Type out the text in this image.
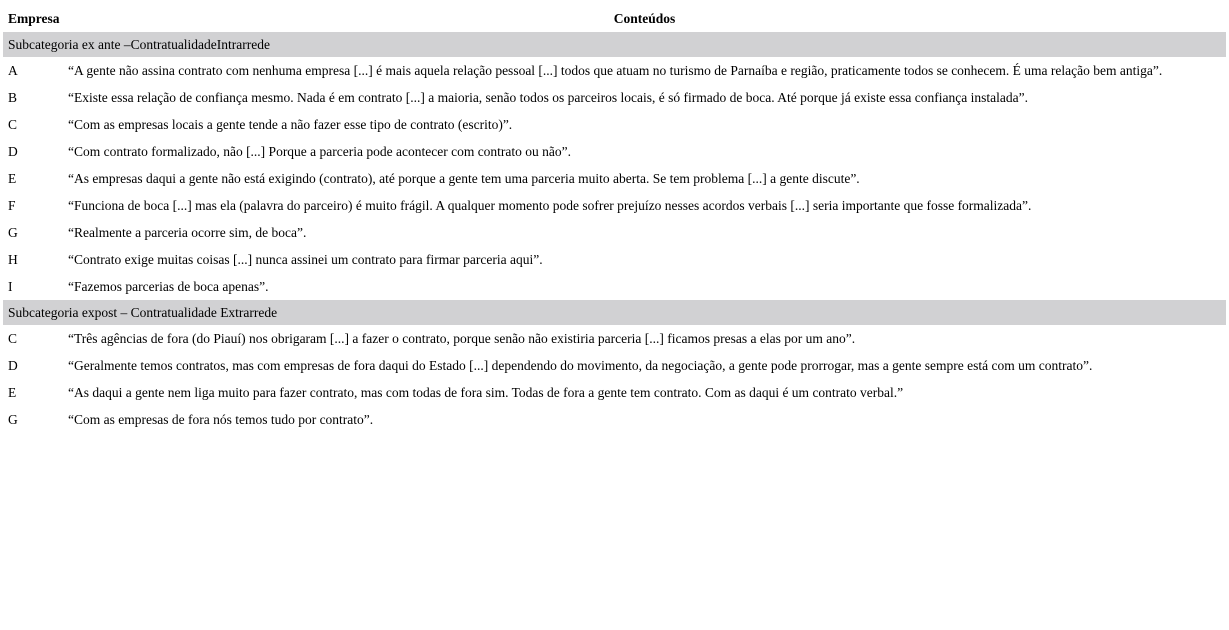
Empresa	Conteúdos
Subcategoria ex ante –ContratualidadeIntrarrede	
A	“A gente não assina contrato com nenhuma empresa [...] é mais aquela relação pessoal [...] todos que atuam no turismo de Parnaíba e região, praticamente todos se conhecem. É uma relação bem antiga”.
B	“Existe essa relação de confiança mesmo. Nada é em contrato [...] a maioria, senão todos os parceiros locais, é só firmado de boca. Até porque já existe essa confiança instalada”.
C	“Com as empresas locais a gente tende a não fazer esse tipo de contrato (escrito)”.
D	“Com contrato formalizado, não [...] Porque a parceria pode acontecer com contrato ou não”.
E	“As empresas daqui a gente não está exigindo (contrato), até porque a gente tem uma parceria muito aberta. Se tem problema [...] a gente discute”.
F	“Funciona de boca [...] mas ela (palavra do parceiro) é muito frágil. A qualquer momento pode sofrer prejuízo nesses acordos verbais [...] seria importante que fosse formalizada”.
G	“Realmente a parceria ocorre sim, de boca”.
H	“Contrato exige muitas coisas [...] nunca assinei um contrato para firmar parceria aqui”.
I	“Fazemos parcerias de boca apenas”.
Subcategoria expost – Contratualidade Extrarrede	
C	“Três agências de fora (do Piauí) nos obrigaram [...] a fazer o contrato, porque senão não existiria parceria [...] ficamos presas a elas por um ano”.
D	“Geralmente temos contratos, mas com empresas de fora daqui do Estado [...] dependendo do movimento, da negociação, a gente pode prorrogar, mas a gente sempre está com um contrato”.
E	“As daqui a gente nem liga muito para fazer contrato, mas com todas de fora sim. Todas de fora a gente tem contrato. Com as daqui é um contrato verbal.”
G	“Com as empresas de fora nós temos tudo por contrato”.
